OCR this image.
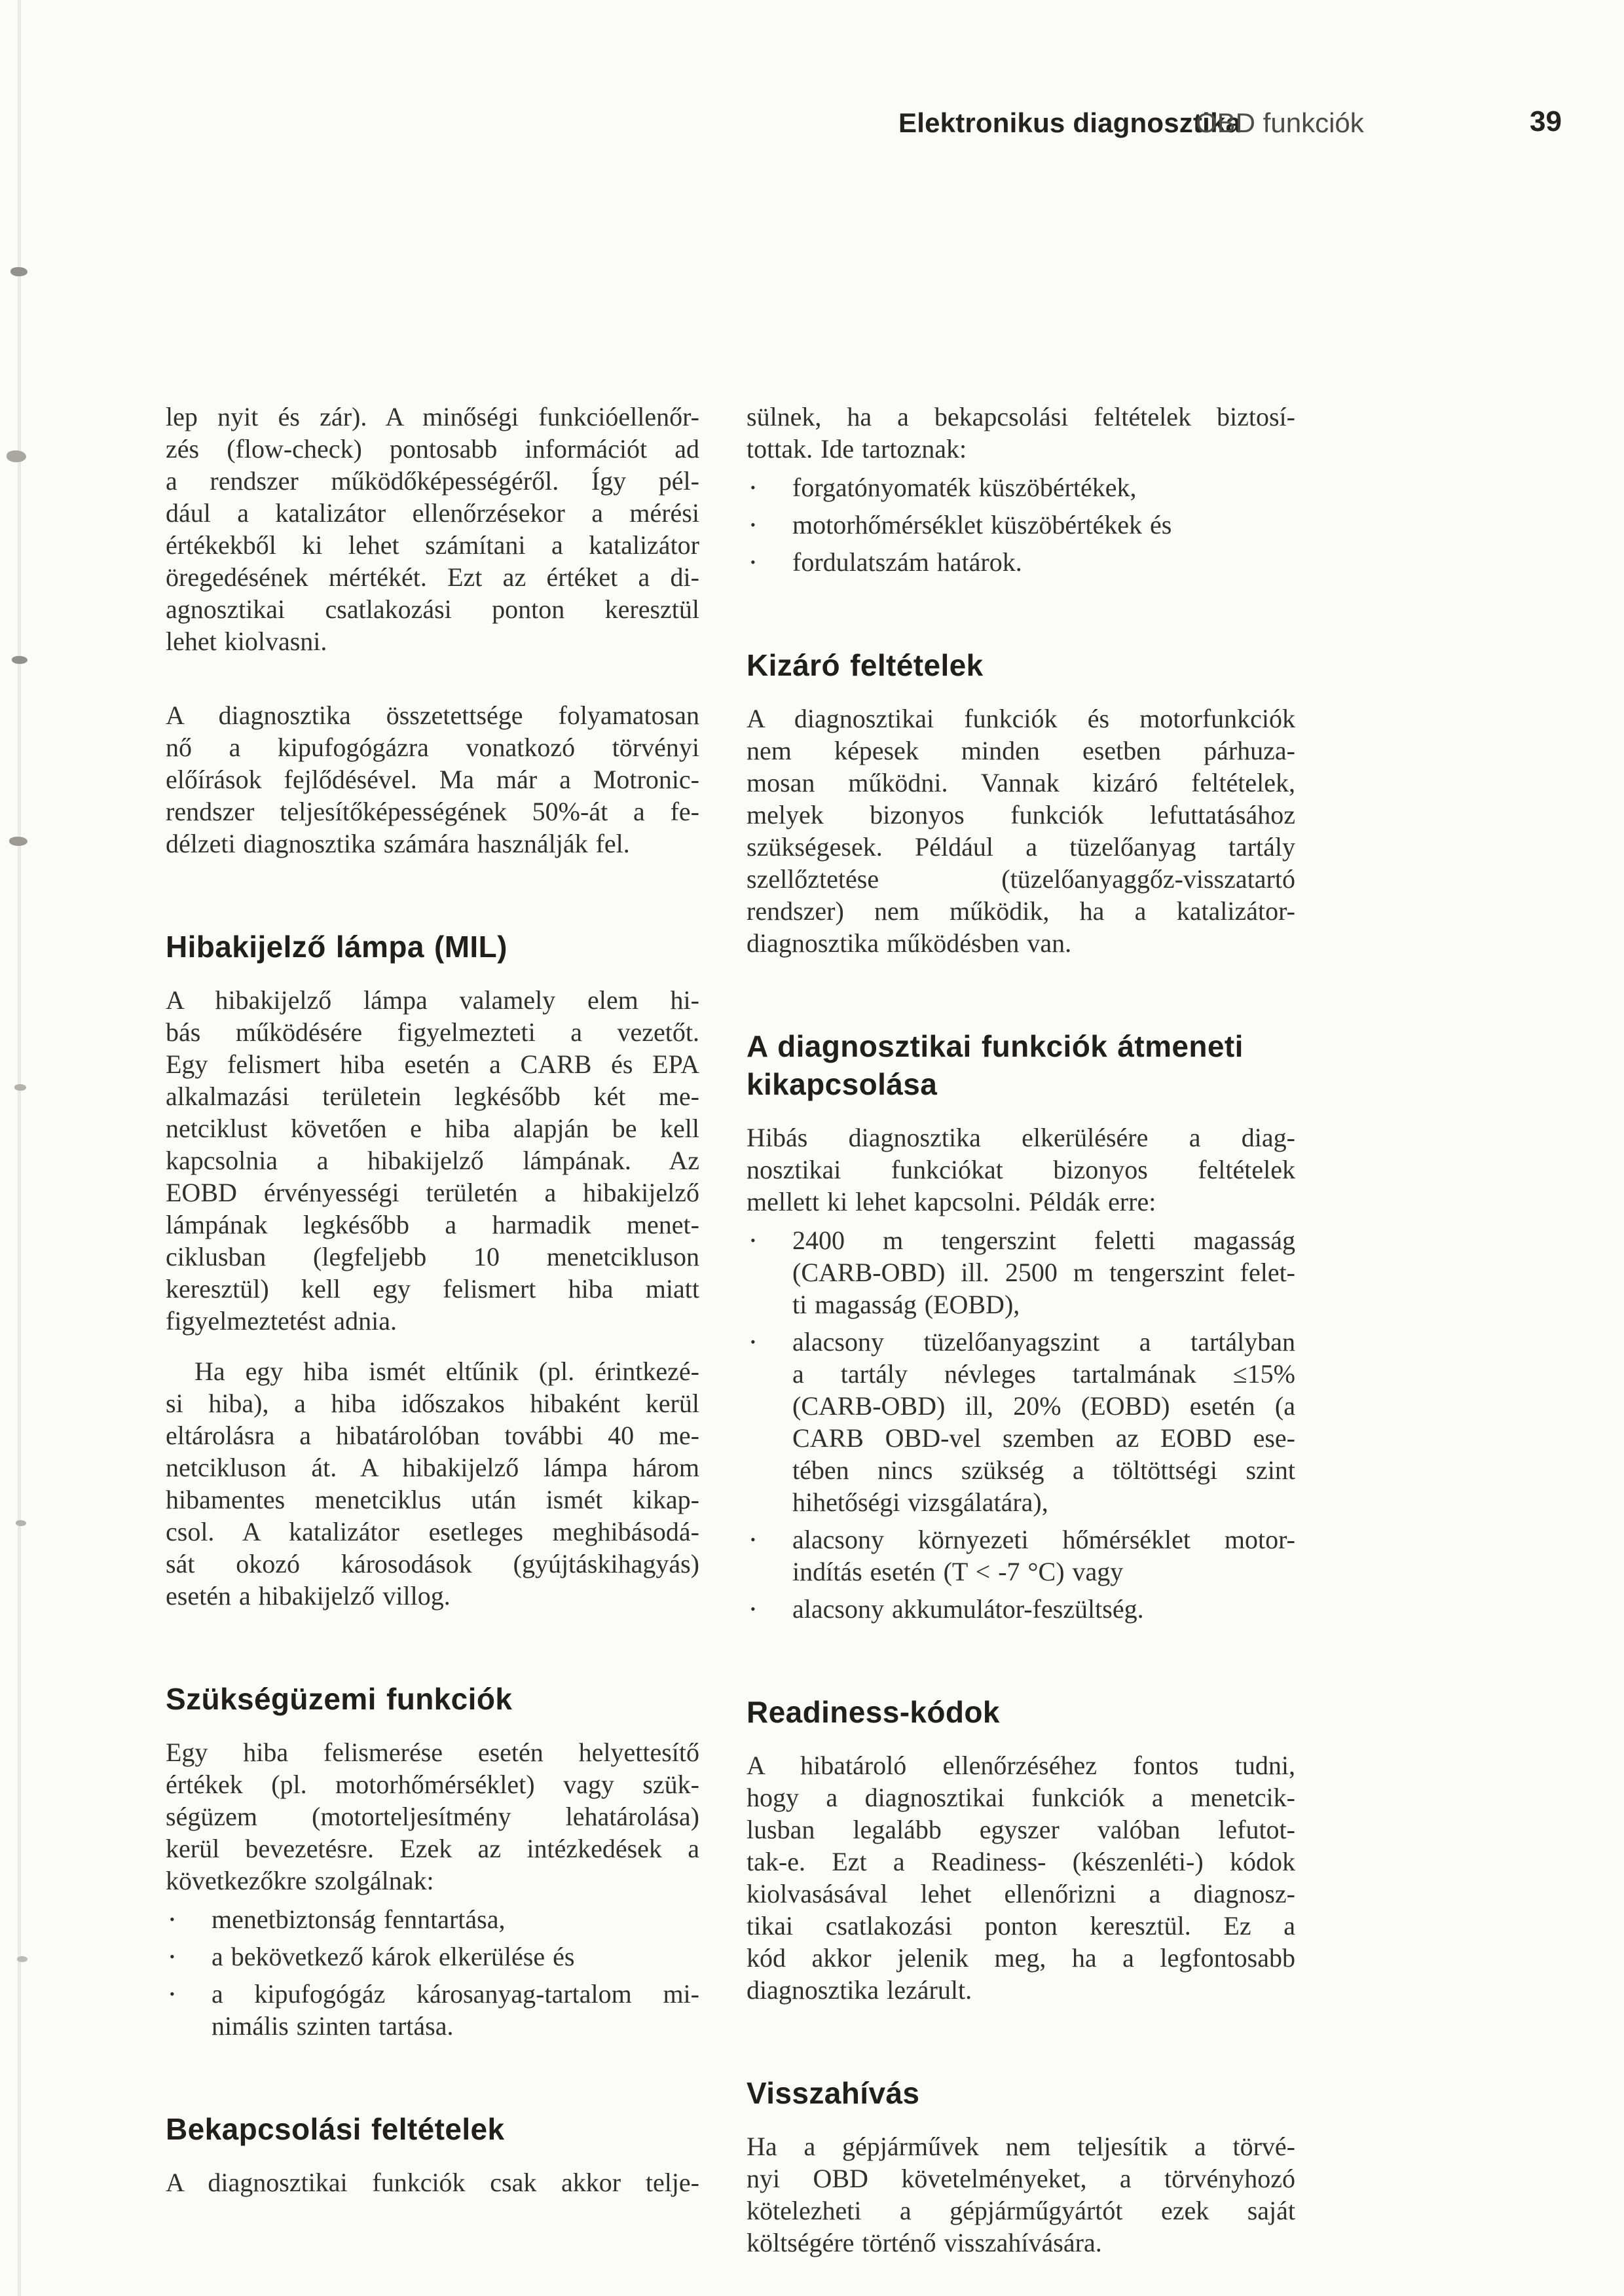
Elektronikus diagnosztika
OBD funkciók	39
lep nyit és zár). A minőségi funkcióellenőr-
zés (flow-check) pontosabb információt ad
a rendszer működőképességéről. Így pél-
dául a katalizátor ellenőrzésekor a mérési
értékekből ki lehet számítani a katalizátor
öregedésének mértékét. Ezt az értéket a di-
agnosztikai csatlakozási ponton keresztül
lehet kiolvasni.
A diagnosztika összetettsége folyamatosan
nő a kipufogógázra vonatkozó törvényi
előírások fejlődésével. Ma már a Motronic-
rendszer teljesítőképességének 50%-át a fe-
délzeti diagnosztika számára használják fel.
Hibakijelző lámpa (MIL)
A hibakijelző lámpa valamely elem hi-
bás működésére figyelmezteti a vezetőt.
Egy felismert hiba esetén a CARB és EPA
alkalmazási területein legkésőbb két me-
netciklust követően e hiba alapján be kell
kapcsolnia a hibakijelző lámpának. Az
EOBD érvényességi területén a hibakijelző
lámpának legkésőbb a harmadik menet-
ciklusban (legfeljebb 10 menetcikluson
keresztül) kell egy felismert hiba miatt
figyelmeztetést adnia.
Ha egy hiba ismét eltűnik (pl. érintkezé-
si hiba), a hiba időszakos hibaként kerül
eltárolásra a hibatárolóban további 40 me-
netcikluson át. A hibakijelző lámpa három
hibamentes menetciklus után ismét kikap-
csol. A katalizátor esetleges meghibásodá-
sát okozó károsodások (gyújtáskihagyás)
esetén a hibakijelző villog.
Szükségüzemi funkciók
Egy hiba felismerése esetén helyettesítő
értékek (pl. motorhőmérséklet) vagy szük-
ségüzem (motorteljesítmény lehatárolása)
kerül bevezetésre. Ezek az intézkedések a
következőkre szolgálnak:
•	menetbiztonság fenntartása,
•	a bekövetkező károk elkerülése és
•	a kipufogógáz károsanyag-tartalom mi-
nimális szinten tartása.
Bekapcsolási feltételek
A diagnosztikai funkciók csak akkor telje-
sülnek, ha a bekapcsolási feltételek biztosí-
tottak. Ide tartoznak:
•	forgatónyomaték küszöbértékek,
•	motorhőmérséklet küszöbértékek és
•	fordulatszám határok.
Kizáró feltételek
A diagnosztikai funkciók és motorfunkciók
nem képesek minden esetben párhuza-
mosan működni. Vannak kizáró feltételek,
melyek bizonyos funkciók lefuttatásához
szükségesek. Például a tüzelőanyag tartály
szellőztetése (tüzelőanyaggőz-visszatartó
rendszer) nem működik, ha a katalizátor-
diagnosztika működésben van.
A diagnosztikai funkciók átmeneti
kikapcsolása
Hibás diagnosztika elkerülésére a diag-
nosztikai funkciókat bizonyos feltételek
mellett ki lehet kapcsolni. Példák erre:
•	2400 m tengerszint feletti magasság
(CARB-OBD) ill. 2500 m tengerszint felet-
ti magasság (EOBD),
•	alacsony tüzelőanyagszint a tartályban
a tartály névleges tartalmának ≤15%
(CARB-OBD) ill, 20% (EOBD) esetén (a
CARB OBD-vel szemben az EOBD ese-
tében nincs szükség a töltöttségi szint
hihetőségi vizsgálatára),
•	alacsony környezeti hőmérséklet motor-
indítás esetén (T < -7 °C) vagy
•	alacsony akkumulátor-feszültség.
Readiness-kódok
A hibatároló ellenőrzéséhez fontos tudni,
hogy a diagnosztikai funkciók a menetcik-
lusban legalább egyszer valóban lefutot-
tak-e. Ezt a Readiness- (készenléti-) kódok
kiolvasásával lehet ellenőrizni a diagnosz-
tikai csatlakozási ponton keresztül. Ez a
kód akkor jelenik meg, ha a legfontosabb
diagnosztika lezárult.
Visszahívás
Ha a gépjárművek nem teljesítik a törvé-
nyi OBD követelményeket, a törvényhozó
kötelezheti a gépjárműgyártót ezek saját
költségére történő visszahívására.
